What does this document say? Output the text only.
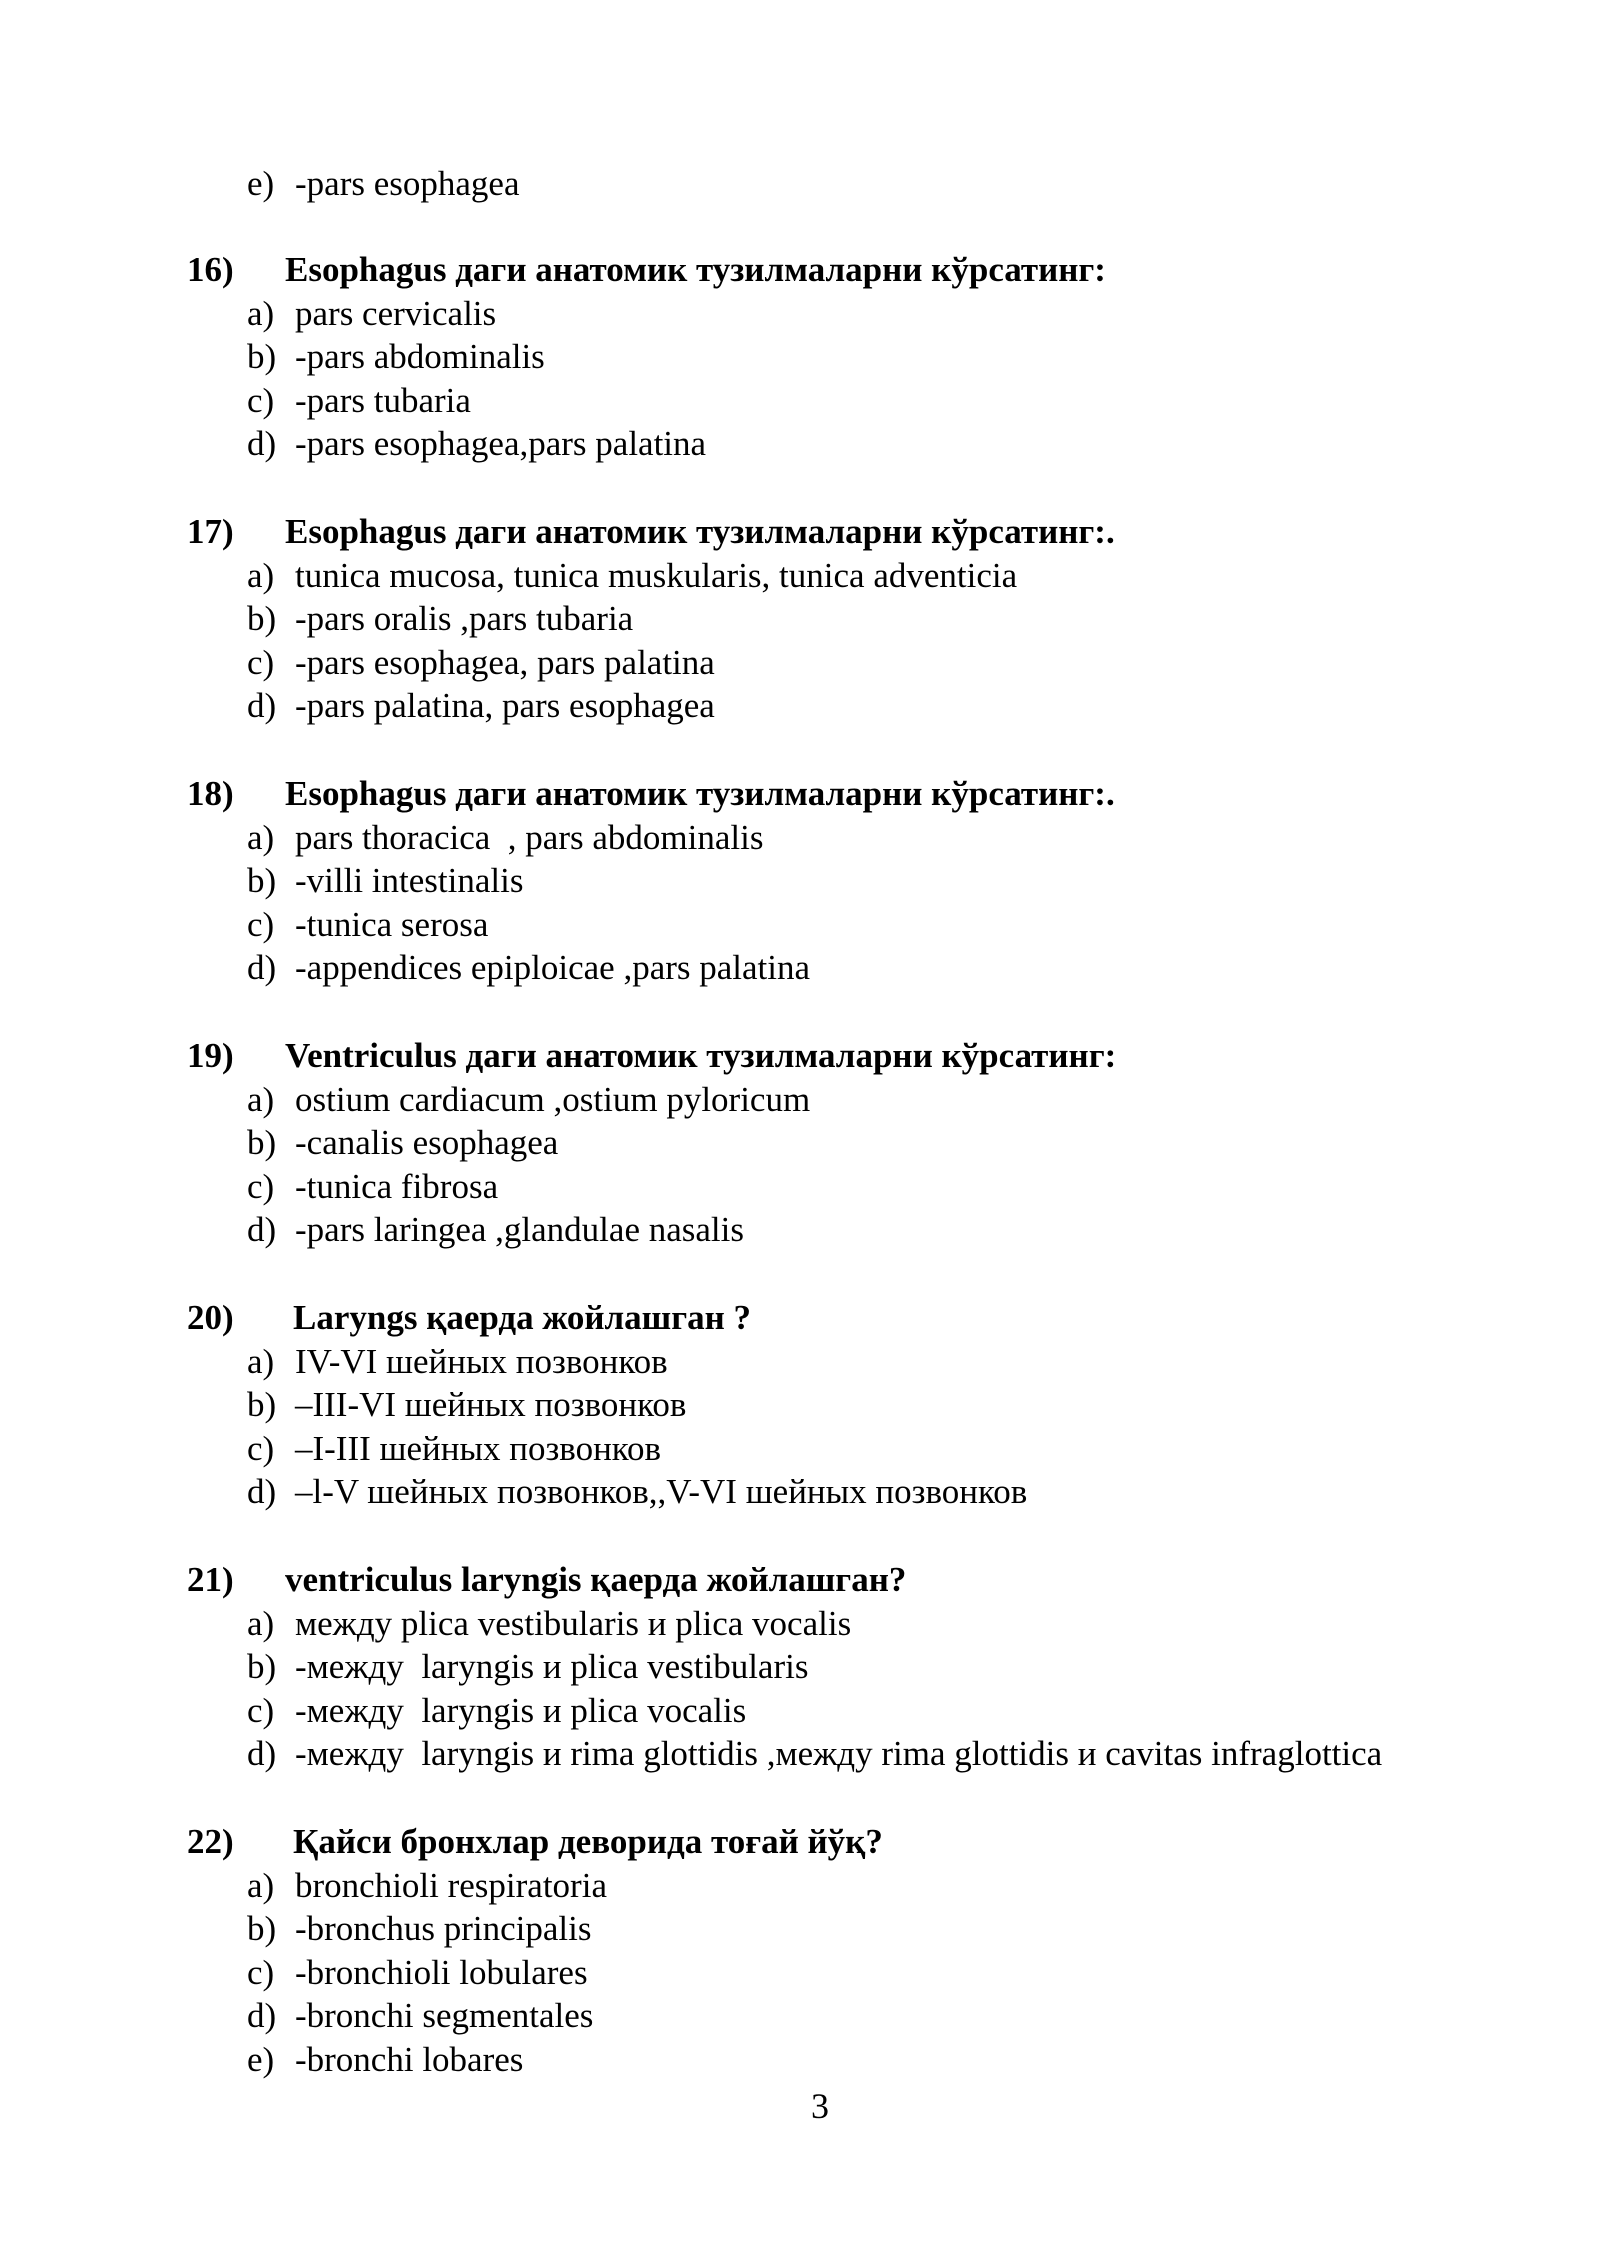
e) -pars esophagea

16) Esophagus даги анатомик тузилмаларни кўрсатинг:

a) pars cervicalis

b) -pars abdominalis

c) -pars tubaria

d) -pars esophagea,pars palatina

17) Esophagus даги анатомик тузилмаларни кўрсатинг:.

a) tunica mucosa, tunica muskularis, tunica adventicia

b) -pars oralis ,pars tubaria

c) -pars esophagea, pars palatina

d) -pars palatina, pars esophagea

18) Esophagus даги анатомик тузилмаларни кўрсатинг:.

a) pars thoracica  , pars abdominalis

b) -villi intestinalis

c) -tunica serosa

d) -appendices epiploicae ,pars palatina

19) Ventriculus даги анатомик тузилмаларни кўрсатинг:

a) ostium cardiacum ,ostium pyloricum

b) -canalis esophagea

c) -tunica fibrosa

d) -pars laringea ,glandulae nasalis

20) Laryngs қаерда жойлашган ?

a) IV-VI шейных позвонков

b) –III-VI шейных позвонков

c) –I-III шейных позвонков

d) –l-V шейных позвонков,,V-VI шейных позвонков

21) ventriculus laryngis қаерда жойлашган?

a) между plica vestibularis и plica vocalis

b) -между  laryngis и plica vestibularis

c) -между  laryngis и plica vocalis

d) -между  laryngis и rima glottidis ,между rima glottidis и cavitas infraglottica

22) Қайси бронхлар деворида тоғай йўқ?

a) bronchioli respiratoria

b) -bronchus principalis

c) -bronchioli lobulares

d) -bronchi segmentales

e) -bronchi lobares

3
